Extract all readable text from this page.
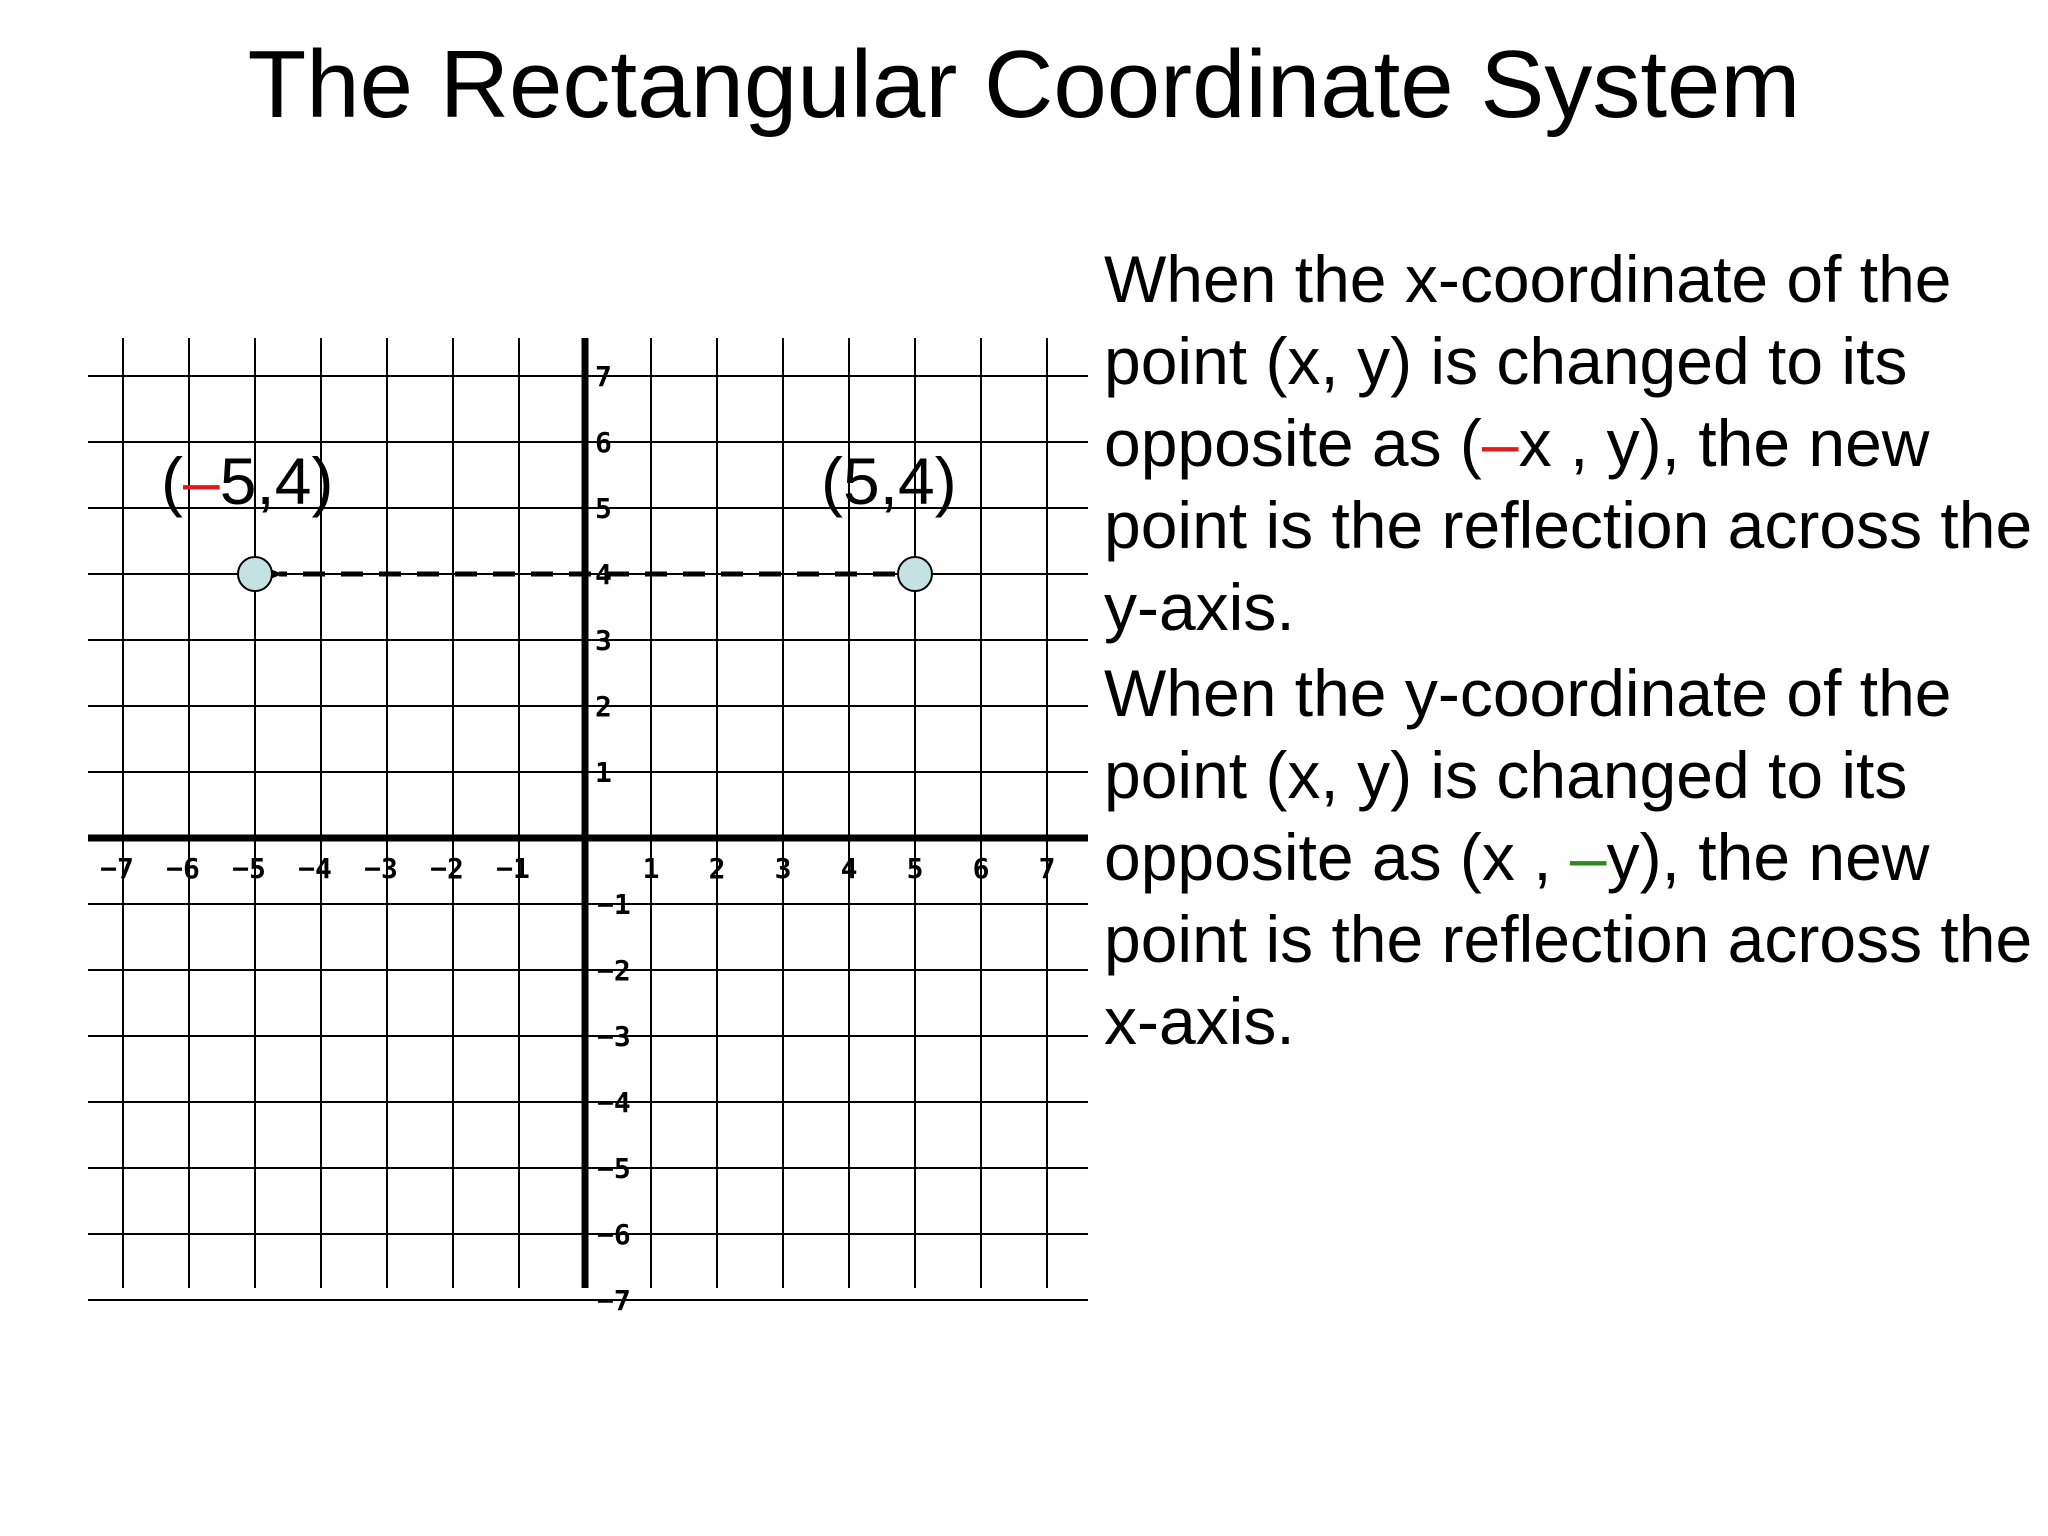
The Rectangular Coordinate System
−7 −6 −5 −4 −3 −2 −1	1 2 3 4 5 6 7
7
6
5
4
3
2
1
−1
−2
−3
−4
−5
−6
−7
(–5,4)	(5,4)

When the x-coordinate of the point (x, y) is changed to its opposite as (–x , y), the new point is the reflection across the y-axis.

When the y-coordinate of the point (x, y) is changed to its opposite as (x , –y), the new point is the reflection across the x-axis.
